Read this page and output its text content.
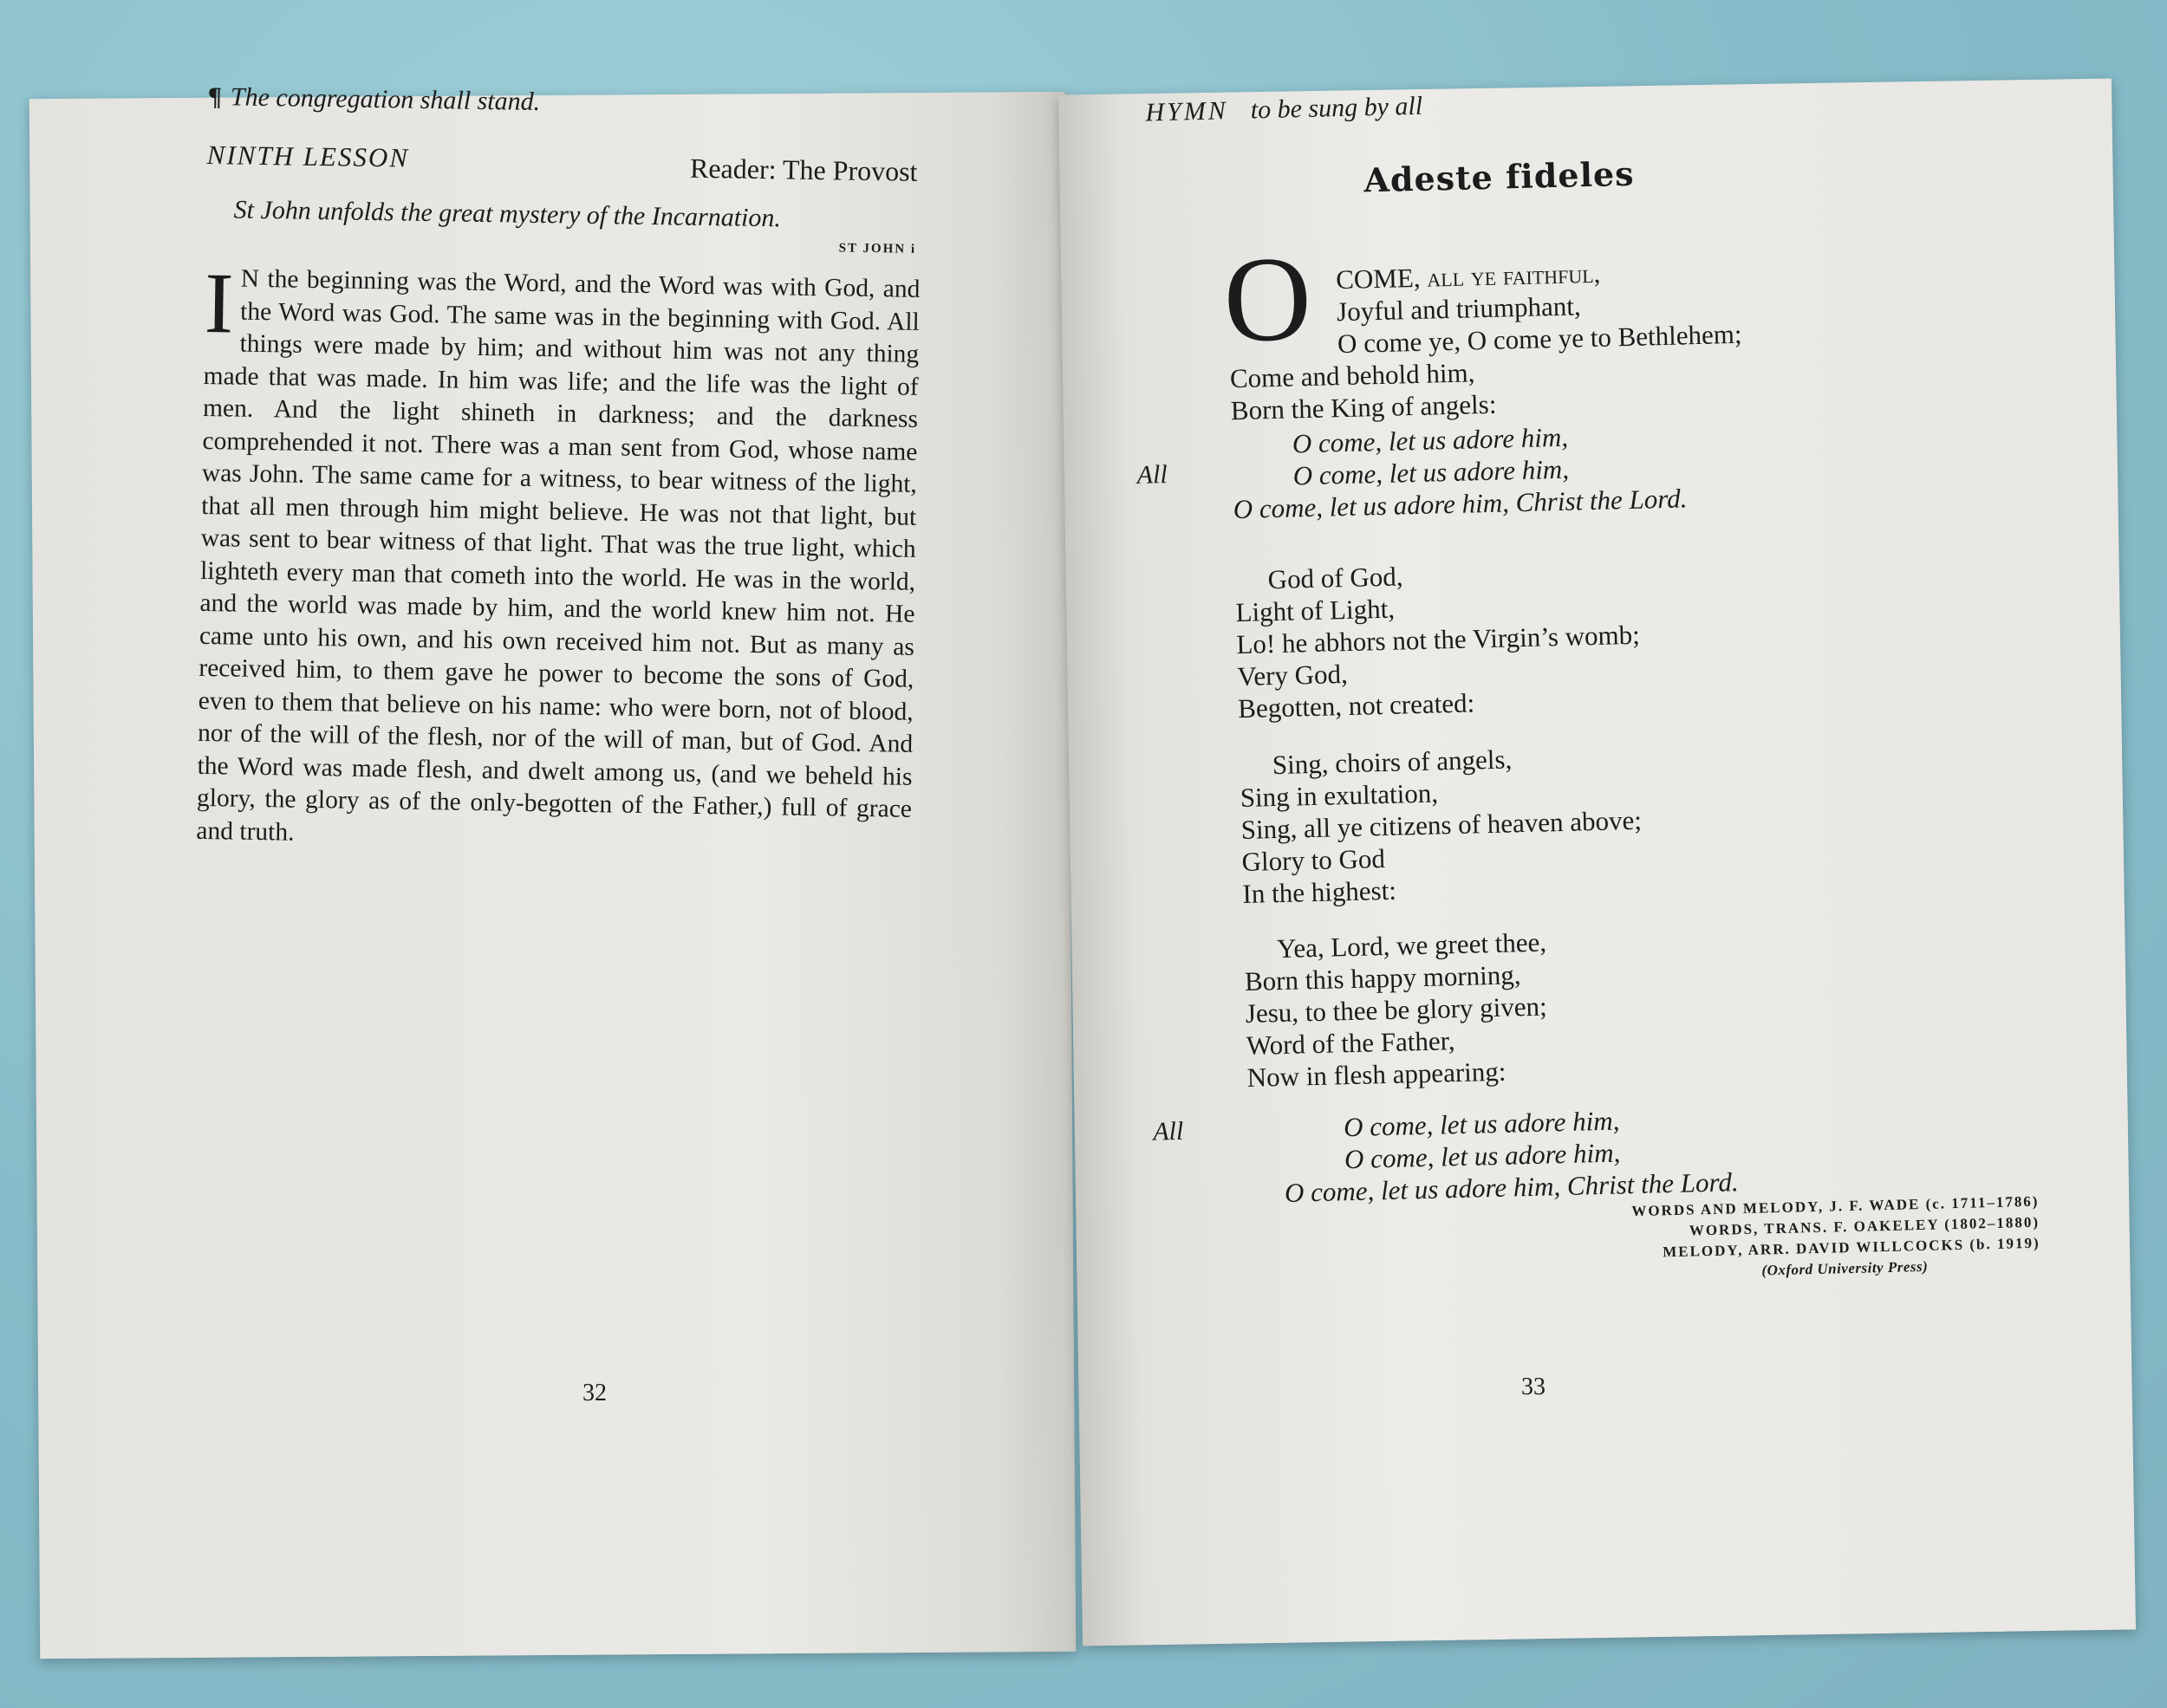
¶ The congregation shall stand.
NINTH LESSON	Reader: The Provost
St John unfolds the great mystery of the Incarnation.
ST JOHN i
I N the beginning was the Word, and the Word was with God, and the Word was God. The same was in the beginning with God. All things were made by him; and without him was not any thing made that was made. In him was life; and the life was the light of men. And the light shineth in darkness; and the darkness comprehended it not. There was a man sent from God, whose name was John. The same came for a witness, to bear witness of the light, that all men through him might believe. He was not that light, but was sent to bear witness of that light. That was the true light, which lighteth every man that cometh into the world. He was in the world, and the world was made by him, and the world knew him not. He came unto his own, and his own received him not. But as many as received him, to them gave he power to become the sons of God, even to them that believe on his name: who were born, not of blood, nor of the will of the flesh, nor of the will of man, but of God. And the Word was made flesh, and dwelt among us, (and we beheld his glory, the glory as of the only-begotten of the Father,) full of grace and truth.
32
HYMN to be sung by all
Adeste fideles
O COME, all ye faithful,
Joyful and triumphant,
O come ye, O come ye to Bethlehem;
Come and behold him,
Born the King of angels:
All
O come, let us adore him,
O come, let us adore him,
O come, let us adore him, Christ the Lord.
God of God,
Light of Light,
Lo! he abhors not the Virgin’s womb;
Very God,
Begotten, not created:
Sing, choirs of angels,
Sing in exultation,
Sing, all ye citizens of heaven above;
Glory to God
In the highest:
Yea, Lord, we greet thee,
Born this happy morning,
Jesu, to thee be glory given;
Word of the Father,
Now in flesh appearing:
All	O come, let us adore him,
O come, let us adore him,
O come, let us adore him, Christ the Lord.
WORDS AND MELODY, J. F. WADE (c. 1711–1786)
WORDS, TRANS. F. OAKELEY (1802–1880)
MELODY, ARR. DAVID WILLCOCKS (b. 1919)
(Oxford University Press)
33
